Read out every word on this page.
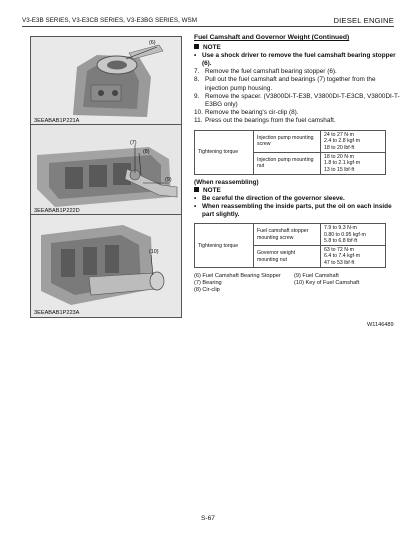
V3-E3B SERIES, V3-E3CB SERIES, V3-E3BG SERIES, WSM	DIESEL ENGINE
(6)
3EEABAB1P221A
(7)
(8)
(9)
3EEABAB1P222D
(10)
3EEABAB1P223A
Fuel Camshaft and Governor Weight (Continued)
NOTE
• Use a shock driver to remove the fuel camshaft bearing stopper (6).
7. Remove the fuel camshaft bearing stopper (6).
8. Pull out the fuel camshaft and bearings (7) together from the injection pump housing.
9. Remove the spacer. (V3800DI-T-E3B, V3800DI-T-E3CB, V3800DI-T-E3BG only)
10. Remove the bearing's cir-clip (8).
11. Press out the bearings from the fuel camshaft.
Tightening torque	Injection pump mounting screw	24 to 27 N·m
2.4 to 2.8 kgf·m
18 to 20 lbf·ft

	Injection pump mounting nut	18 to 20 N·m
1.8 to 2.1 kgf·m
13 to 15 lbf·ft
(When reassembling)
NOTE
• Be careful the direction of the governor sleeve.
• When reassembling the inside parts, put the oil on each inside part slightly.
Tightening torque	Fuel camshaft stopper mounting screw	7.9 to 9.3 N·m
0.80 to 0.95 kgf·m
5.8 to 6.8 lbf·ft

	Governor weight mounting nut	63 to 72 N·m
6.4 to 7.4 kgf·m
47 to 53 lbf·ft
(6) Fuel Camshaft Bearing Stopper	(9) Fuel Camshaft
(7) Bearing	(10) Key of Fuel Camshaft
(8) Cir-clip	
W1146489
S-67
